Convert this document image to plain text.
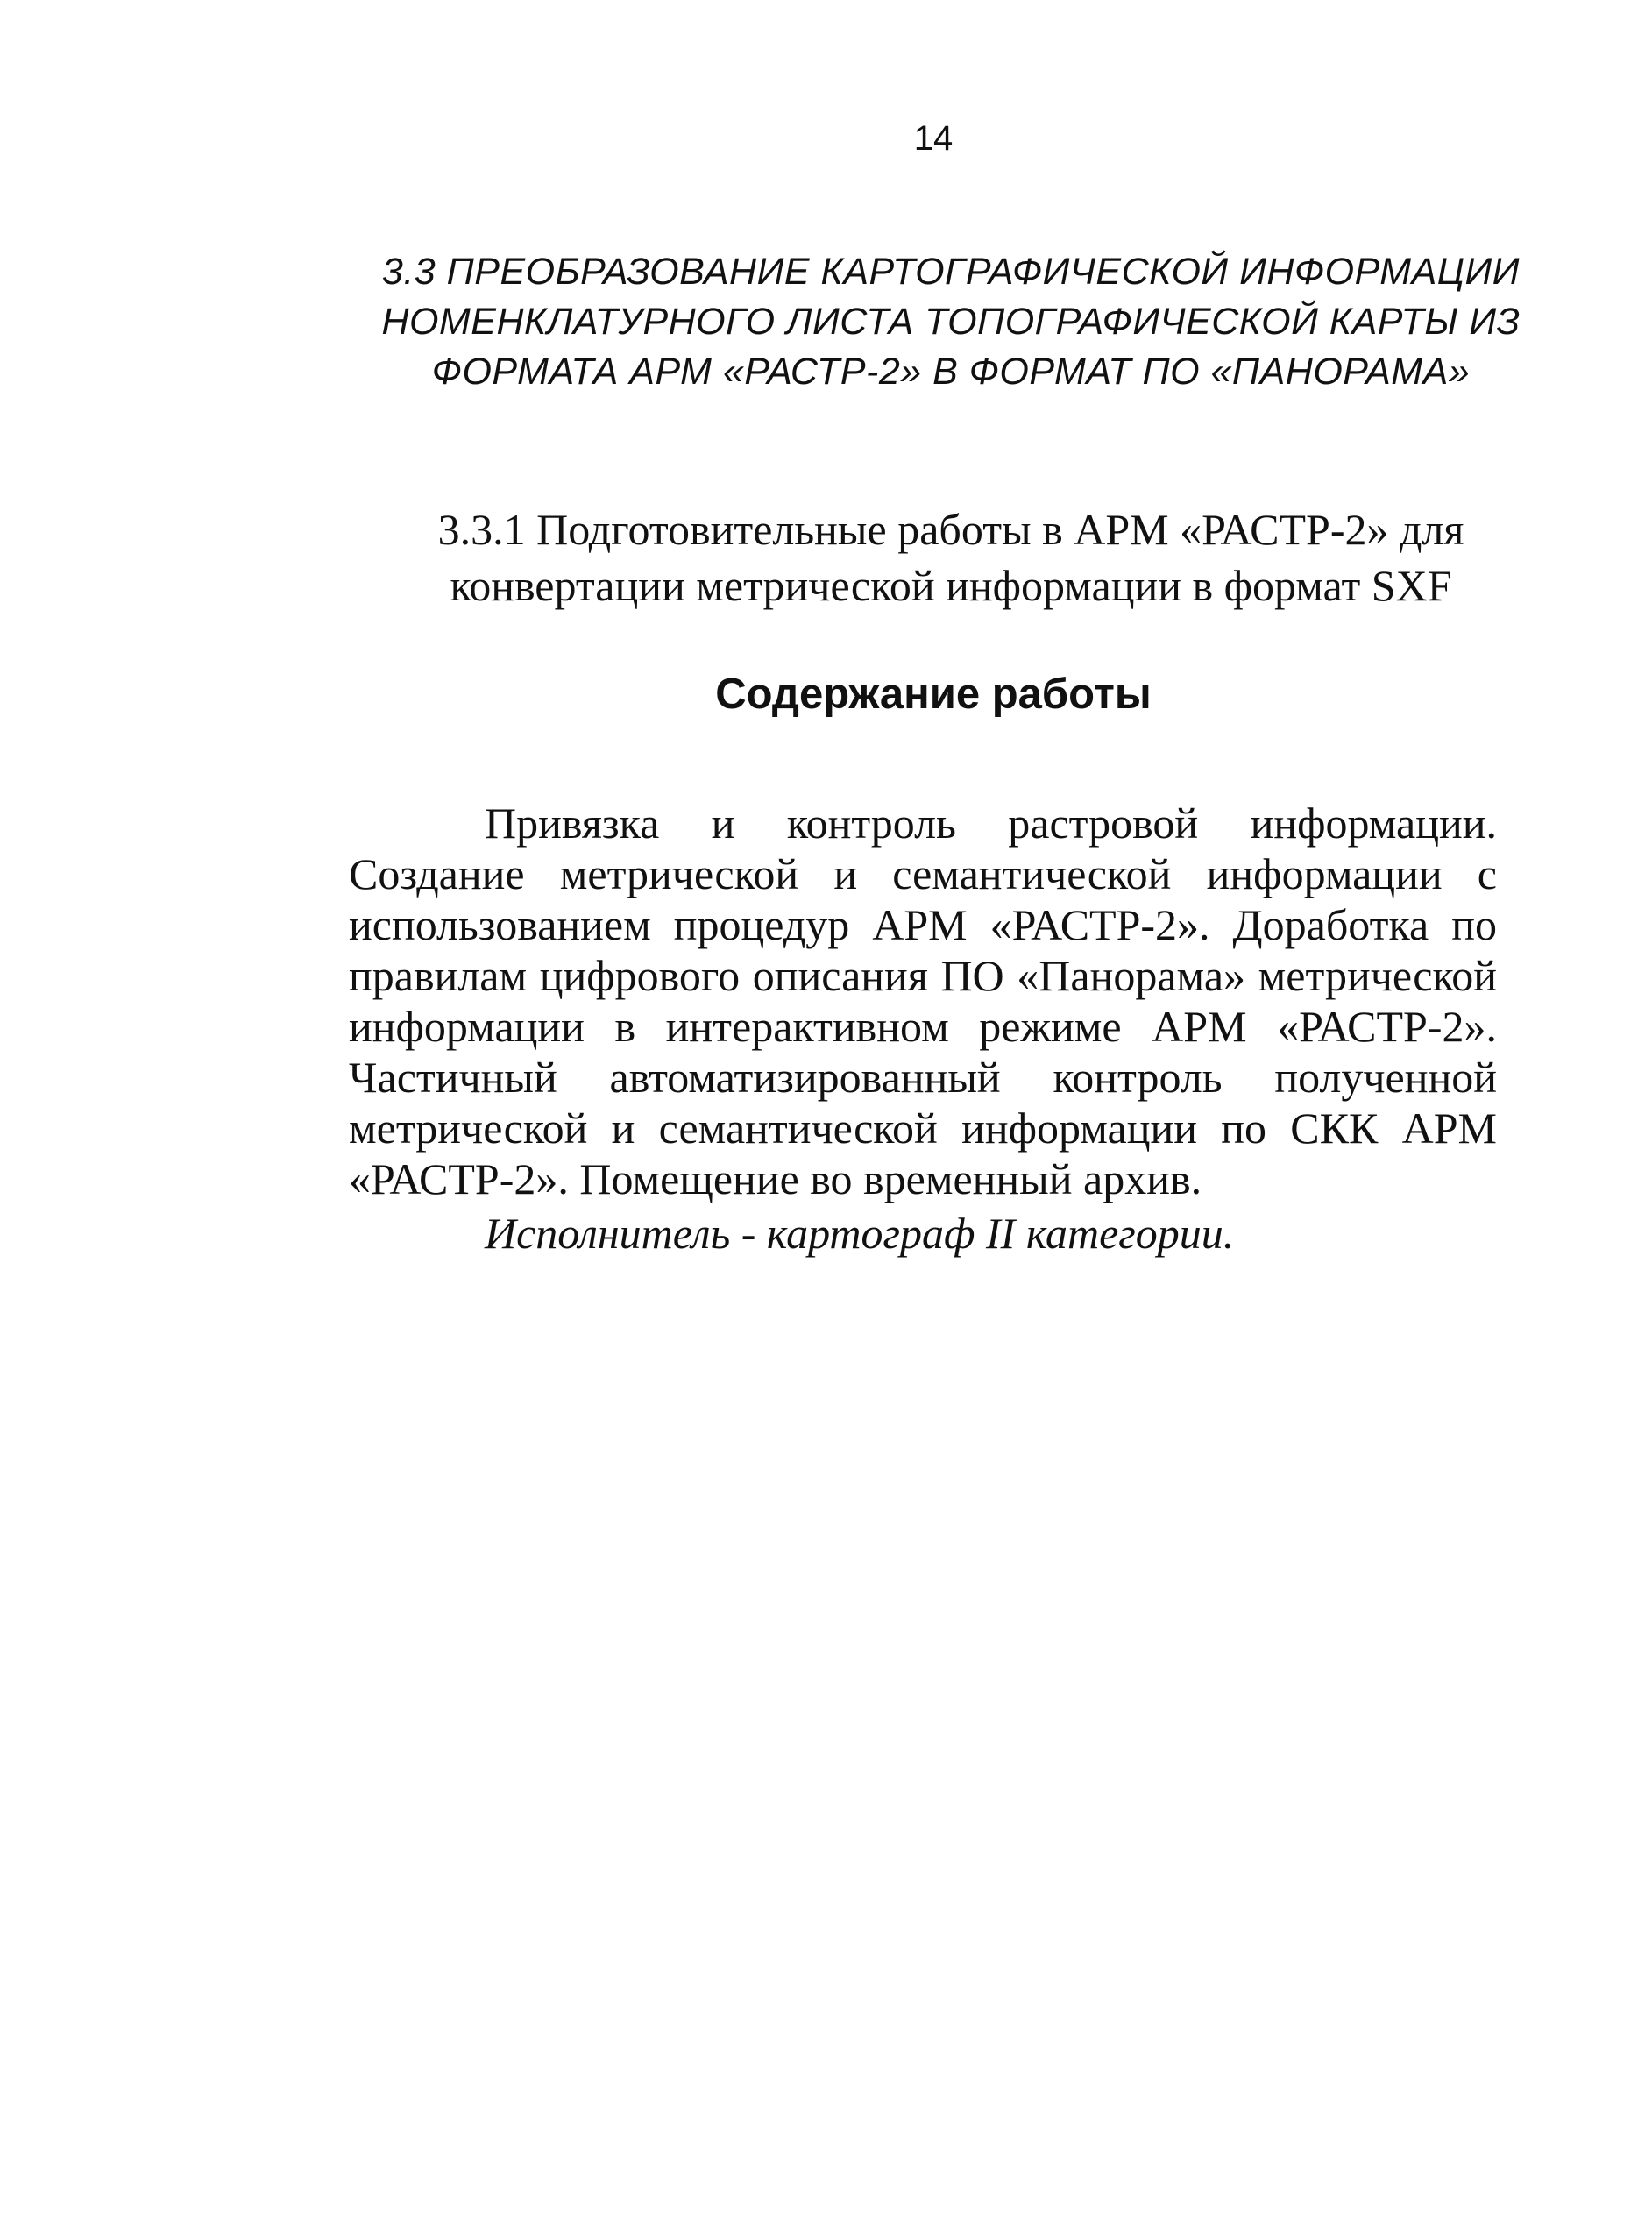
14
3.3 ПРЕОБРАЗОВАНИЕ КАРТОГРАФИЧЕСКОЙ ИНФОРМАЦИИ НОМЕНКЛАТУРНОГО ЛИСТА ТОПОГРАФИЧЕСКОЙ КАРТЫ ИЗ ФОРМАТА АРМ «РАСТР-2» В ФОРМАТ ПО «ПАНОРАМА»
3.3.1 Подготовительные работы в АРМ «РАСТР-2» для конвертации метрической информации в формат SXF
Содержание работы

Привязка и контроль растровой информации. Создание метрической и семантической информации с использованием процедур АРМ «РАСТР-2». Доработка по правилам цифрового описания ПО «Панорама» метрической информации в интерактивном режиме АРМ «РАСТР-2». Частичный автоматизированный контроль полученной метрической и семантической информации по СКК АРМ «РАСТР-2». Помещение во временный архив.

Исполнитель - картограф II категории.
